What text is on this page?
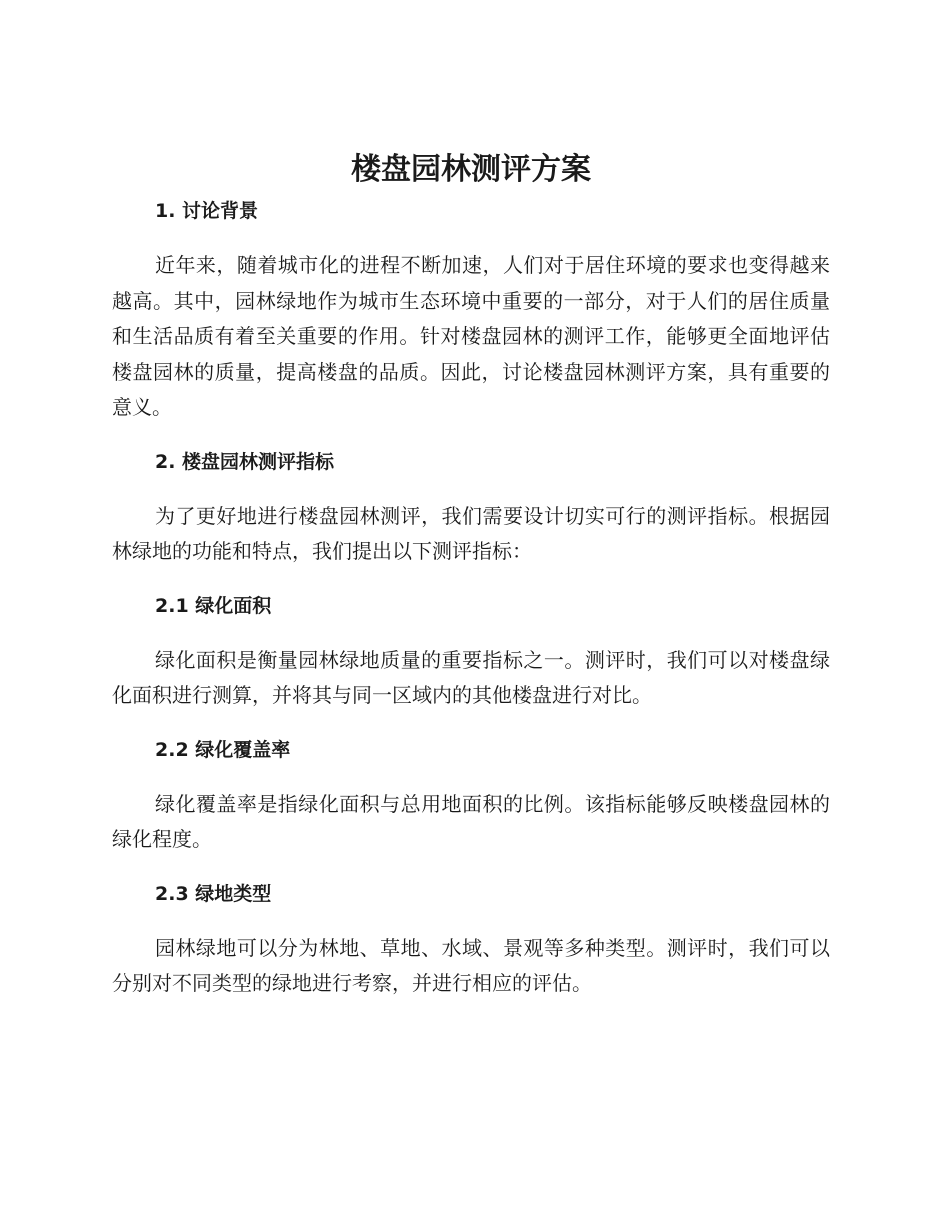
楼盘园林测评方案
1. 讨论背景

近年来，随着城市化的进程不断加速，人们对于居住环境的要求也变得越来越高。其中，园林绿地作为城市生态环境中重要的一部分，对于人们的居住质量和生活品质有着至关重要的作用。针对楼盘园林的测评工作，能够更全面地评估楼盘园林的质量，提高楼盘的品质。因此，讨论楼盘园林测评方案，具有重要的意义。

2. 楼盘园林测评指标

为了更好地进行楼盘园林测评，我们需要设计切实可行的测评指标。根据园林绿地的功能和特点，我们提出以下测评指标：

2.1 绿化面积

绿化面积是衡量园林绿地质量的重要指标之一。测评时，我们可以对楼盘绿化面积进行测算，并将其与同一区域内的其他楼盘进行对比。

2.2 绿化覆盖率

绿化覆盖率是指绿化面积与总用地面积的比例。该指标能够反映楼盘园林的绿化程度。

2.3 绿地类型

园林绿地可以分为林地、草地、水域、景观等多种类型。测评时，我们可以分别对不同类型的绿地进行考察，并进行相应的评估。
